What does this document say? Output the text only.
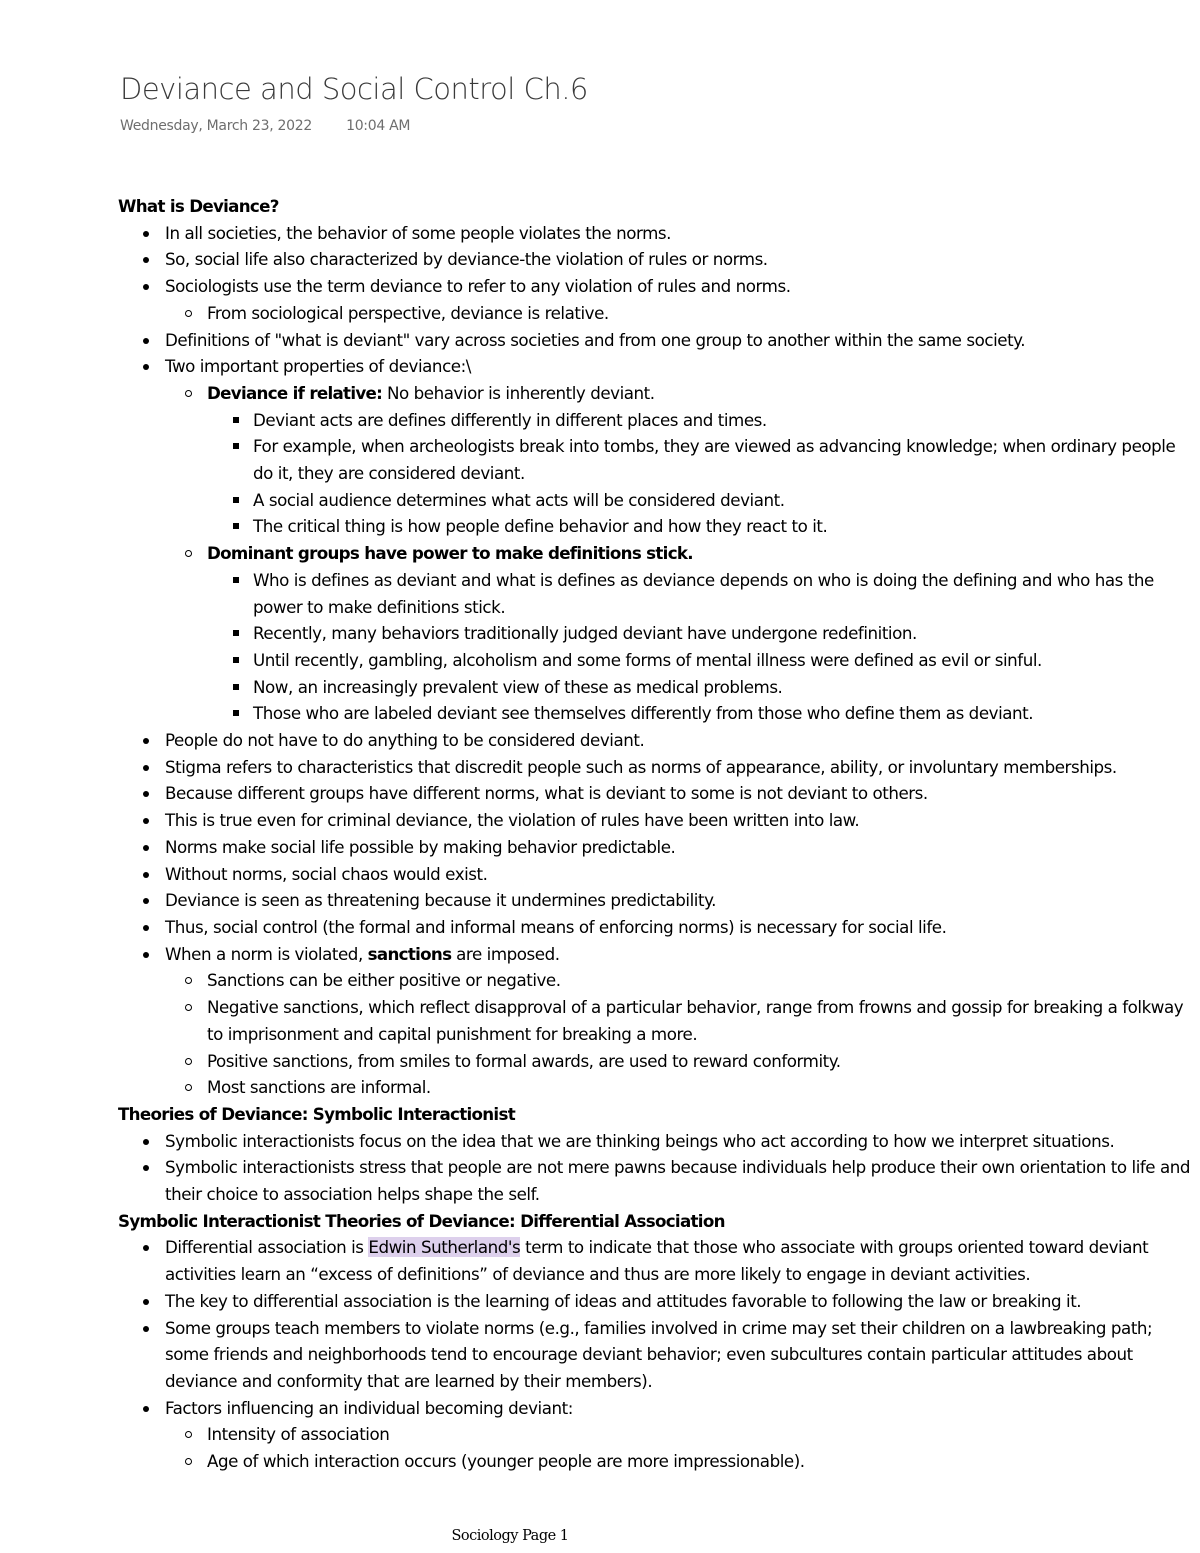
Deviance and Social Control Ch.6
Wednesday, March 23, 2022 10:04 AM
What is Deviance?
In all societies, the behavior of some people violates the norms.
So, social life also characterized by deviance-the violation of rules or norms.
Sociologists use the term deviance to refer to any violation of rules and norms.
From sociological perspective, deviance is relative.
Definitions of "what is deviant" vary across societies and from one group to another within the same society.
Two important properties of deviance:\
Deviance if relative: No behavior is inherently deviant.
Deviant acts are defines differently in different places and times.
For example, when archeologists break into tombs, they are viewed as advancing knowledge; when ordinary people do it, they are considered deviant.
A social audience determines what acts will be considered deviant.
The critical thing is how people define behavior and how they react to it.
Dominant groups have power to make definitions stick.
Who is defines as deviant and what is defines as deviance depends on who is doing the defining and who has the power to make definitions stick.
Recently, many behaviors traditionally judged deviant have undergone redefinition.
Until recently, gambling, alcoholism and some forms of mental illness were defined as evil or sinful.
Now, an increasingly prevalent view of these as medical problems.
Those who are labeled deviant see themselves differently from those who define them as deviant.
People do not have to do anything to be considered deviant.
Stigma refers to characteristics that discredit people such as norms of appearance, ability, or involuntary memberships.
Because different groups have different norms, what is deviant to some is not deviant to others.
This is true even for criminal deviance, the violation of rules have been written into law.
Norms make social life possible by making behavior predictable.
Without norms, social chaos would exist.
Deviance is seen as threatening because it undermines predictability.
Thus, social control (the formal and informal means of enforcing norms) is necessary for social life.
When a norm is violated, sanctions are imposed.
Sanctions can be either positive or negative.
Negative sanctions, which reflect disapproval of a particular behavior, range from frowns and gossip for breaking a folkway to imprisonment and capital punishment for breaking a more.
Positive sanctions, from smiles to formal awards, are used to reward conformity.
Most sanctions are informal.
Theories of Deviance: Symbolic Interactionist
Symbolic interactionists focus on the idea that we are thinking beings who act according to how we interpret situations.
Symbolic interactionists stress that people are not mere pawns because individuals help produce their own orientation to life and their choice to association helps shape the self.
Symbolic Interactionist Theories of Deviance: Differential Association
Differential association is Edwin Sutherland's term to indicate that those who associate with groups oriented toward deviant activities learn an “excess of definitions” of deviance and thus are more likely to engage in deviant activities.
The key to differential association is the learning of ideas and attitudes favorable to following the law or breaking it.
Some groups teach members to violate norms (e.g., families involved in crime may set their children on a lawbreaking path; some friends and neighborhoods tend to encourage deviant behavior; even subcultures contain particular attitudes about deviance and conformity that are learned by their members).
Factors influencing an individual becoming deviant:
Intensity of association
Age of which interaction occurs (younger people are more impressionable).
Sociology Page 1
